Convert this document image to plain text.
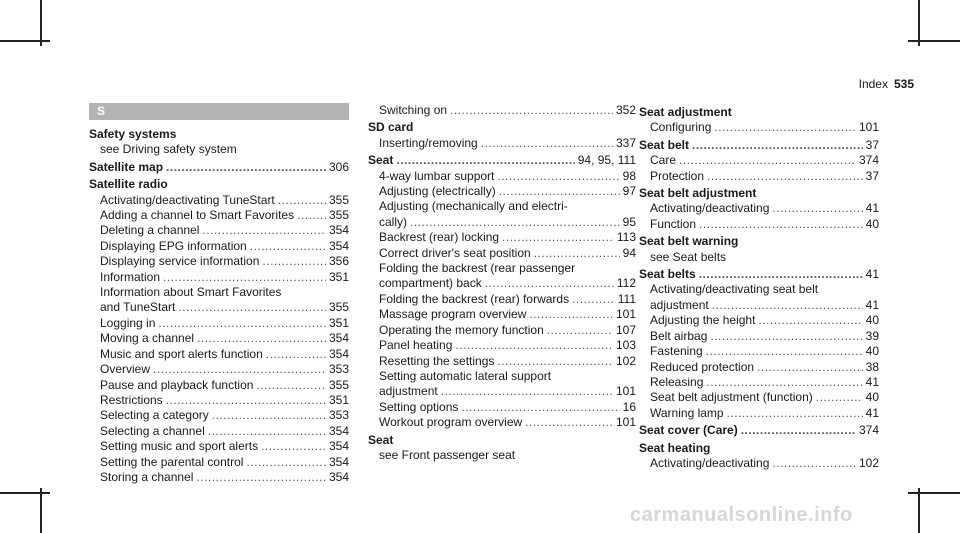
Index 535
S
Safety systems
see Driving safety system
Satellite map .....	306
Satellite radio
Activating/deactivating TuneStart .....	355
Adding a channel to Smart Favorites .....	355
Deleting a channel .....	354
Displaying EPG information .....	354
Displaying service information .....	356
Information .....	351
Information about Smart Favorites
and TuneStart .....	355
Logging in .....	351
Moving a channel .....	354
Music and sport alerts function .....	354
Overview .....	353
Pause and playback function .....	355
Restrictions .....	351
Selecting a category .....	353
Selecting a channel .....	354
Setting music and sport alerts .....	354
Setting the parental control .....	354
Storing a channel .....	354
Switching on .....	352
SD card
Inserting/removing .....	337
Seat .....	94, 95, 111
4-way lumbar support .....	98
Adjusting (electrically) .....	97
Adjusting (mechanically and electri-
cally) .....	95
Backrest (rear) locking .....	113
Correct driver's seat position .....	94
Folding the backrest (rear passenger
compartment) back .....	112
Folding the backrest (rear) forwards .....	111
Massage program overview .....	101
Operating the memory function .....	107
Panel heating .....	103
Resetting the settings .....	102
Setting automatic lateral support
adjustment .....	101
Setting options .....	16
Workout program overview .....	101
Seat
see Front passenger seat
Seat adjustment
Configuring .....	101
Seat belt .....	37
Care .....	374
Protection .....	37
Seat belt adjustment
Activating/deactivating .....	41
Function .....	40
Seat belt warning
see Seat belts
Seat belts .....	41
Activating/deactivating seat belt
adjustment .....	41
Adjusting the height .....	40
Belt airbag .....	39
Fastening .....	40
Reduced protection .....	38
Releasing .....	41
Seat belt adjustment (function) .....	40
Warning lamp .....	41
Seat cover (Care) .....	374
Seat heating
Activating/deactivating .....	102
carmanualsonline.info
